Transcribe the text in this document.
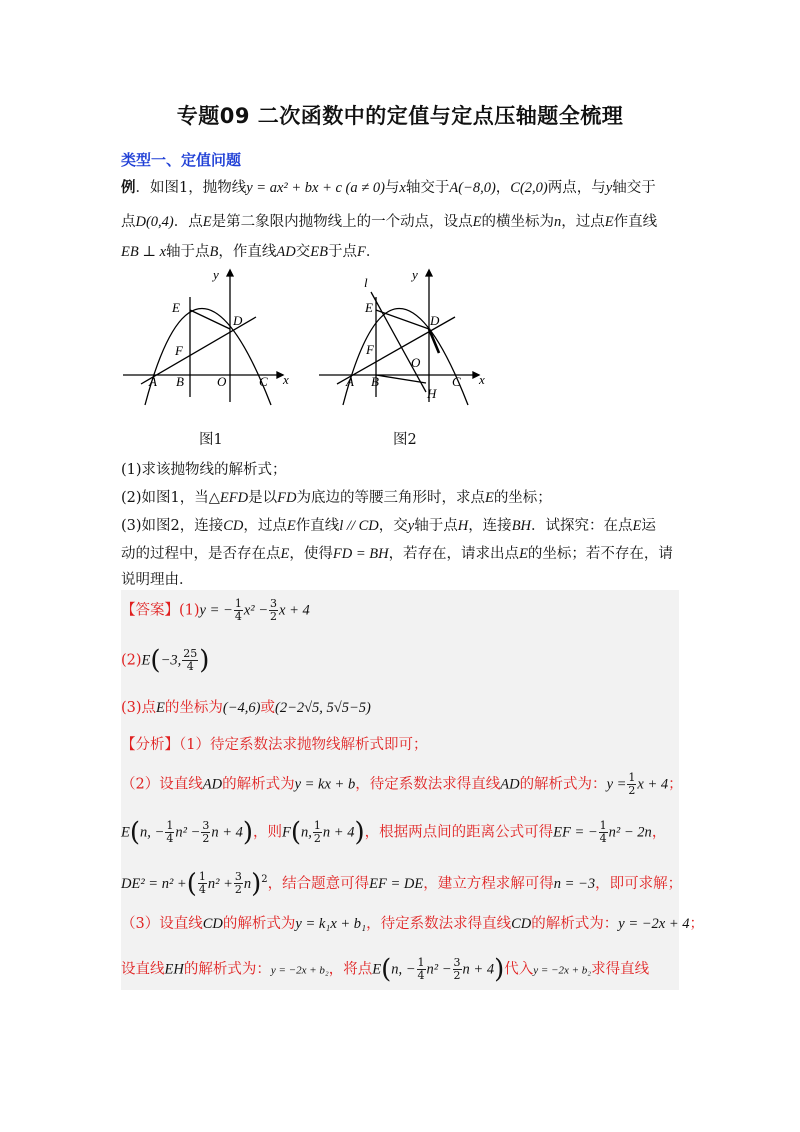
专题09 二次函数中的定值与定点压轴题全梳理
类型一、定值问题
例．如图1，抛物线y = ax² + bx + c (a ≠ 0)与x轴交于A(−8,0)，C(2,0)两点，与y轴交于
点D(0,4)．点E是第二象限内抛物线上的一个动点，设点E的横坐标为n，过点E作直线
EB ⊥ x轴于点B，作直线AD交EB于点F．
E
D
F
A B	O	C x
y
l
E
D
F
O
A B	C
H
x
y
图1	图2
(1)求该抛物线的解析式；
(2)如图1，当△EFD是以FD为底边的等腰三角形时，求点E的坐标；
(3)如图2，连接CD，过点E作直线l // CD，交y轴于点H，连接BH．试探究：在点E运
动的过程中，是否存在点E，使得FD = BH，若存在，请求出点E的坐标；若不存在，请
说明理由．
【答案】(1)y = − $\frac{1}{4} x^2 - \frac{3}{2}$ x + 4
(2)E(−3, $\frac{25}{4}$ )
(3)点E的坐标为(−4,6)或(2−2√5, 5√5−5)
【分析】（1）待定系数法求抛物线解析式即可；
（2）设直线AD的解析式为y = kx + b，待定系数法求得直线AD的解析式为：$y = \frac{1}{2}$ x + 4；
E(n, − $\frac{1}{4} n^2 - \frac{3}{2}$ n + 4)，则F(n, $\frac{1}{2}$ n + 4)，根据两点间的距离公式可得EF = − $\frac{1}{4} n^2 - 2n$，
DE² = n² +( $\frac{1}{4} n^2 + \frac{3}{2} n)^2$，结合题意可得EF = DE，建立方程求解可得n = −3，即可求解；
（3）设直线CD的解析式为y = k₁x + b₁，待定系数法求得直线CD的解析式为：y = −2x + 4；
设直线EH的解析式为：y = −2x + b₂，将点E(n, − $\frac{1}{4} n^2 - \frac{3}{2}$ n + 4)代入y = −2x + b₂求得直线
